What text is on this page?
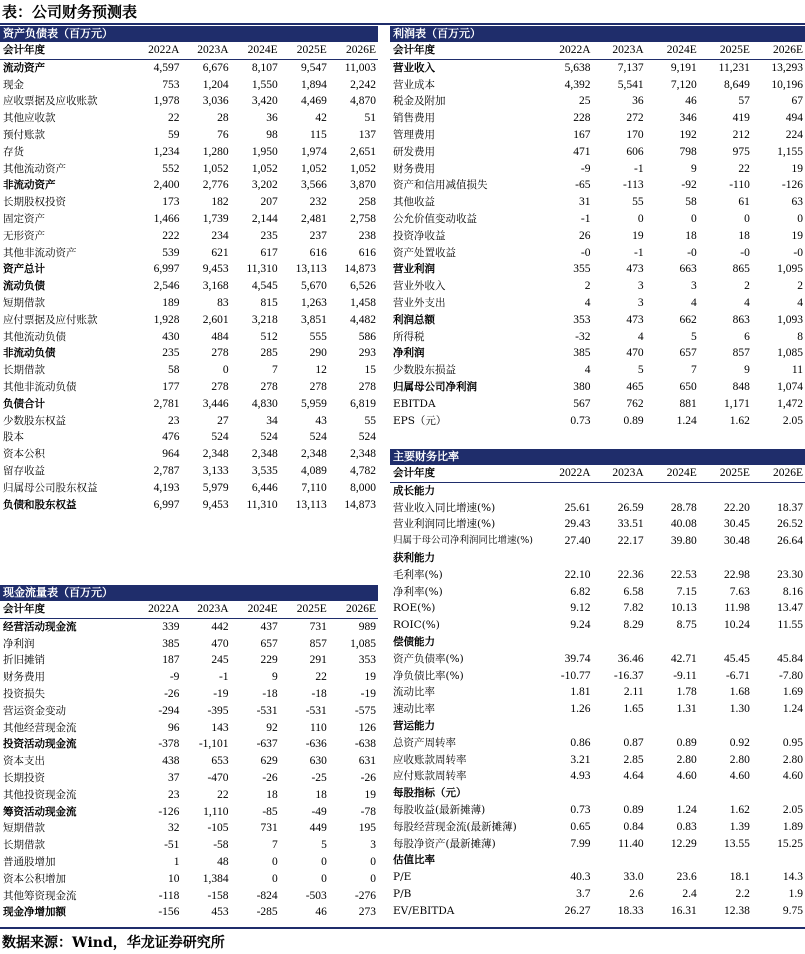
表：公司财务预测表
资产负债表（百万元）
会计年度	2022A	2023A	2024E	2025E	2026E
流动资产	4,597	6,676	8,107	9,547	11,003
现金	753	1,204	1,550	1,894	2,242
应收票据及应收账款	1,978	3,036	3,420	4,469	4,870
其他应收款	22	28	36	42	51
预付账款	59	76	98	115	137
存货	1,234	1,280	1,950	1,974	2,651
其他流动资产	552	1,052	1,052	1,052	1,052
非流动资产	2,400	2,776	3,202	3,566	3,870
长期股权投资	173	182	207	232	258
固定资产	1,466	1,739	2,144	2,481	2,758
无形资产	222	234	235	237	238
其他非流动资产	539	621	617	616	616
资产总计	6,997	9,453	11,310	13,113	14,873
流动负债	2,546	3,168	4,545	5,670	6,526
短期借款	189	83	815	1,263	1,458
应付票据及应付账款	1,928	2,601	3,218	3,851	4,482
其他流动负债	430	484	512	555	586
非流动负债	235	278	285	290	293
长期借款	58	0	7	12	15
其他非流动负债	177	278	278	278	278
负债合计	2,781	3,446	4,830	5,959	6,819
少数股东权益	23	27	34	43	55
股本	476	524	524	524	524
资本公积	964	2,348	2,348	2,348	2,348
留存收益	2,787	3,133	3,535	4,089	4,782
归属母公司股东权益	4,193	5,979	6,446	7,110	8,000
负债和股东权益	6,997	9,453	11,310	13,113	14,873
利润表（百万元）
会计年度	2022A	2023A	2024E	2025E	2026E
营业收入	5,638	7,137	9,191	11,231	13,293
营业成本	4,392	5,541	7,120	8,649	10,196
税金及附加	25	36	46	57	67
销售费用	228	272	346	419	494
管理费用	167	170	192	212	224
研发费用	471	606	798	975	1,155
财务费用	-9	-1	9	22	19
资产和信用减值损失	-65	-113	-92	-110	-126
其他收益	31	55	58	61	63
公允价值变动收益	-1	0	0	0	0
投资净收益	26	19	18	18	19
资产处置收益	-0	-1	-0	-0	-0
营业利润	355	473	663	865	1,095
营业外收入	2	3	3	2	2
营业外支出	4	3	4	4	4
利润总额	353	473	662	863	1,093
所得税	-32	4	5	6	8
净利润	385	470	657	857	1,085
少数股东损益	4	5	7	9	11
归属母公司净利润	380	465	650	848	1,074
EBITDA	567	762	881	1,171	1,472
EPS（元）	0.73	0.89	1.24	1.62	2.05
主要财务比率
会计年度	2022A	2023A	2024E	2025E	2026E
成长能力					
营业收入同比增速(%)	25.61	26.59	28.78	22.20	18.37
营业利润同比增速(%)	29.43	33.51	40.08	30.45	26.52
归属于母公司净利润同比增速(%)	27.40	22.17	39.80	30.48	26.64
获利能力					
毛利率(%)	22.10	22.36	22.53	22.98	23.30
净利率(%)	6.82	6.58	7.15	7.63	8.16
ROE(%)	9.12	7.82	10.13	11.98	13.47
ROIC(%)	9.24	8.29	8.75	10.24	11.55
偿债能力					
资产负债率(%)	39.74	36.46	42.71	45.45	45.84
净负债比率(%)	-10.77	-16.37	-9.11	-6.71	-7.80
流动比率	1.81	2.11	1.78	1.68	1.69
速动比率	1.26	1.65	1.31	1.30	1.24
营运能力					
总资产周转率	0.86	0.87	0.89	0.92	0.95
应收账款周转率	3.21	2.85	2.80	2.80	2.80
应付账款周转率	4.93	4.64	4.60	4.60	4.60
每股指标（元）					
每股收益(最新摊薄)	0.73	0.89	1.24	1.62	2.05
每股经营现金流(最新摊薄)	0.65	0.84	0.83	1.39	1.89
每股净资产(最新摊薄)	7.99	11.40	12.29	13.55	15.25
估值比率					
P/E	40.3	33.0	23.6	18.1	14.3
P/B	3.7	2.6	2.4	2.2	1.9
EV/EBITDA	26.27	18.33	16.31	12.38	9.75
现金流量表（百万元）
会计年度	2022A	2023A	2024E	2025E	2026E
经营活动现金流	339	442	437	731	989
净利润	385	470	657	857	1,085
折旧摊销	187	245	229	291	353
财务费用	-9	-1	9	22	19
投资损失	-26	-19	-18	-18	-19
营运资金变动	-294	-395	-531	-531	-575
其他经营现金流	96	143	92	110	126
投资活动现金流	-378	-1,101	-637	-636	-638
资本支出	438	653	629	630	631
长期投资	37	-470	-26	-25	-26
其他投资现金流	23	22	18	18	19
筹资活动现金流	-126	1,110	-85	-49	-78
短期借款	32	-105	731	449	195
长期借款	-51	-58	7	5	3
普通股增加	1	48	0	0	0
资本公积增加	10	1,384	0	0	0
其他筹资现金流	-118	-158	-824	-503	-276
现金净增加额	-156	453	-285	46	273
数据来源：Wind，华龙证券研究所
